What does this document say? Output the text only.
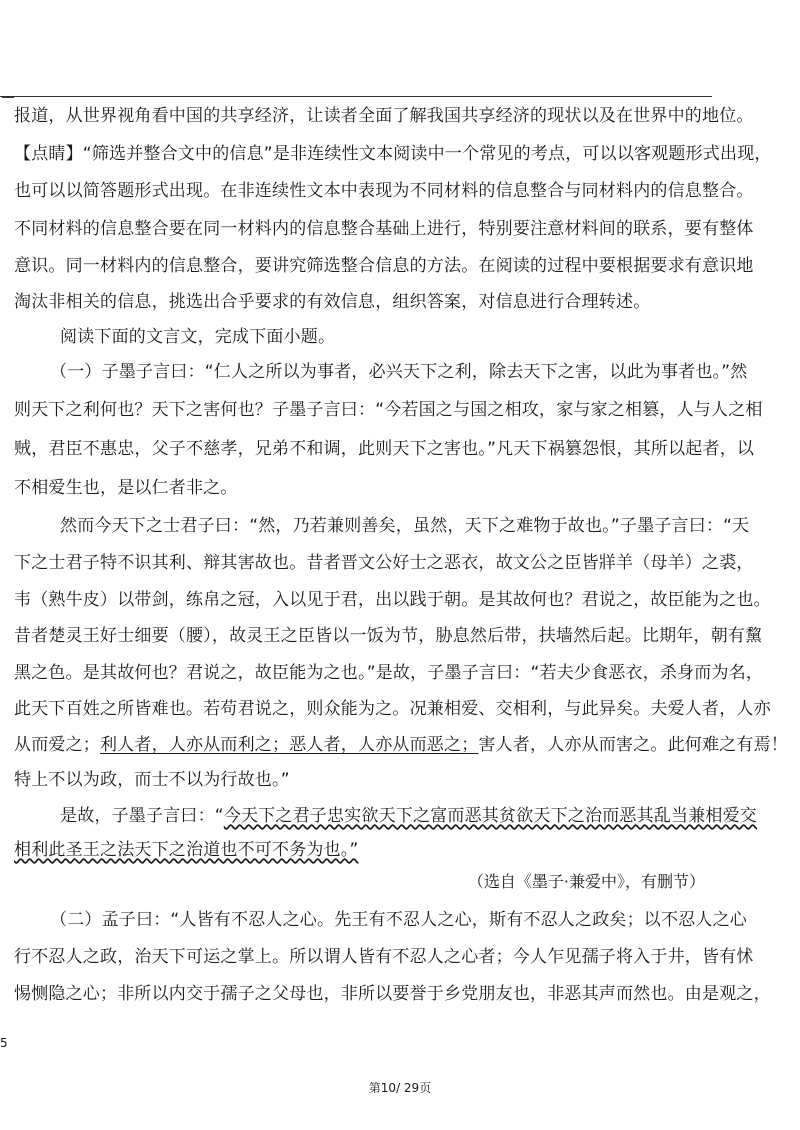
报道，从世界视角看中国的共享经济，让读者全面了解我国共享经济的现状以及在世界中的地位。
【点睛】“筛选并整合文中的信息”是非连续性文本阅读中一个常见的考点，可以以客观题形式出现，
也可以以简答题形式出现。在非连续性文本中表现为不同材料的信息整合与同材料内的信息整合。
不同材料的信息整合要在同一材料内的信息整合基础上进行，特别要注意材料间的联系，要有整体
意识。同一材料内的信息整合，要讲究筛选整合信息的方法。在阅读的过程中要根据要求有意识地
淘汰非相关的信息，挑选出合乎要求的有效信息，组织答案，对信息进行合理转述。
阅读下面的文言文，完成下面小题。
（一）子墨子言曰：“仁人之所以为事者，必兴天下之利，除去天下之害，以此为事者也。”然
则天下之利何也？天下之害何也？子墨子言曰：“今若国之与国之相攻，家与家之相篡，人与人之相
贼，君臣不惠忠，父子不慈孝，兄弟不和调，此则天下之害也。”凡天下祸篡怨恨，其所以起者，以
不相爱生也，是以仁者非之。
然而今天下之士君子曰：“然，乃若兼则善矣，虽然，天下之难物于故也。”子墨子言曰：“天
下之士君子特不识其利、辩其害故也。昔者晋文公好士之恶衣，故文公之臣皆牂羊（母羊）之裘，
韦（熟牛皮）以带剑，练帛之冠，入以见于君，出以践于朝。是其故何也？君说之，故臣能为之也。
昔者楚灵王好士细要（腰），故灵王之臣皆以一饭为节，胁息然后带，扶墙然后起。比期年，朝有黧
黑之色。是其故何也？君说之，故臣能为之也。”是故，子墨子言曰：“若夫少食恶衣，杀身而为名，
此天下百姓之所皆难也。若苟君说之，则众能为之。况兼相爱、交相利，与此异矣。夫爱人者，人亦
从而爱之；利人者，人亦从而利之；恶人者，人亦从而恶之；害人者，人亦从而害之。此何难之有焉！
特上不以为政，而士不以为行故也。”
是故，子墨子言曰：“今天下之君子忠实欲天下之富而恶其贫欲天下之治而恶其乱当兼相爱交
相利此圣王之法天下之治道也不可不务为也。”
（选自《墨子·兼爱中》，有删节）
（二）孟子曰：“人皆有不忍人之心。先王有不忍人之心，斯有不忍人之政矣；以不忍人之心
行不忍人之政，治天下可运之掌上。所以谓人皆有不忍人之心者；今人乍见孺子将入于井，皆有怵
惕恻隐之心；非所以内交于孺子之父母也，非所以要誉于乡党朋友也，非恶其声而然也。由是观之，
5
第10/ 29页
